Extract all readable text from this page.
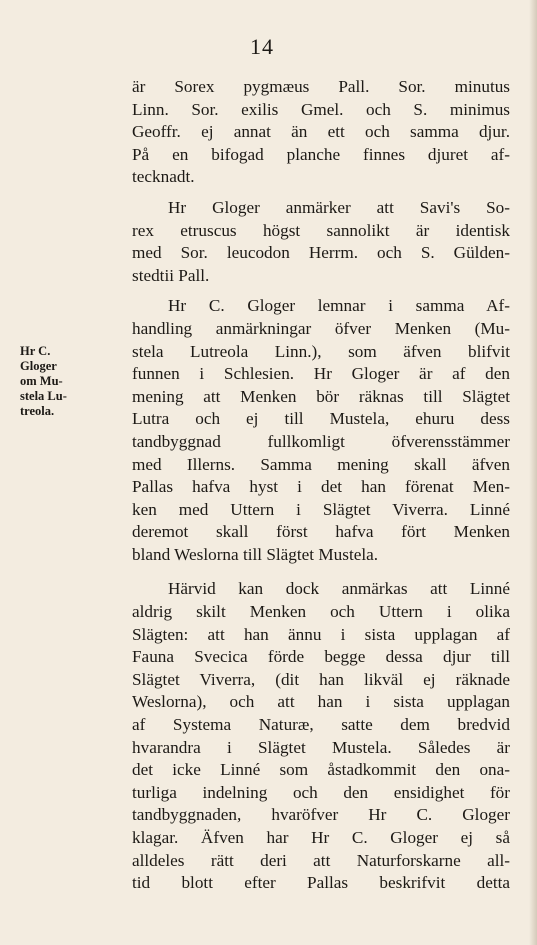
14
Hr C.
Gloger
om Mu-
stela Lu-
treola.
är Sorex pygmæus Pall. Sor. minutus
Linn. Sor. exilis Gmel. och S. minimus
Geoffr. ej annat än ett och samma djur.
På en bifogad planche finnes djuret af-
tecknadt.
Hr Gloger anmärker att Savi's So-
rex etruscus högst sannolikt är identisk
med Sor. leucodon Herrm. och S. Gülden-
stedtii Pall.
Hr C. Gloger lemnar i samma Af-
handling anmärkningar öfver Menken (Mu-
stela Lutreola Linn.), som äfven blifvit
funnen i Schlesien. Hr Gloger är af den
mening att Menken bör räknas till Slägtet
Lutra och ej till Mustela, ehuru dess
tandbyggnad fullkomligt öfverensstämmer
med Illerns. Samma mening skall äfven
Pallas hafva hyst i det han förenat Men-
ken med Uttern i Slägtet Viverra. Linné
deremot skall först hafva fört Menken
bland Weslorna till Slägtet Mustela.
Härvid kan dock anmärkas att Linné
aldrig skilt Menken och Uttern i olika
Slägten: att han ännu i sista upplagan af
Fauna Svecica förde begge dessa djur till
Slägtet Viverra, (dit han likväl ej räknade
Weslorna), och att han i sista upplagan
af Systema Naturæ, satte dem bredvid
hvarandra i Slägtet Mustela. Således är
det icke Linné som åstadkommit den ona-
turliga indelning och den ensidighet för
tandbyggnaden, hvaröfver Hr C. Gloger
klagar. Äfven har Hr C. Gloger ej så
alldeles rätt deri att Naturforskarne all-
tid blott efter Pallas beskrifvit detta
